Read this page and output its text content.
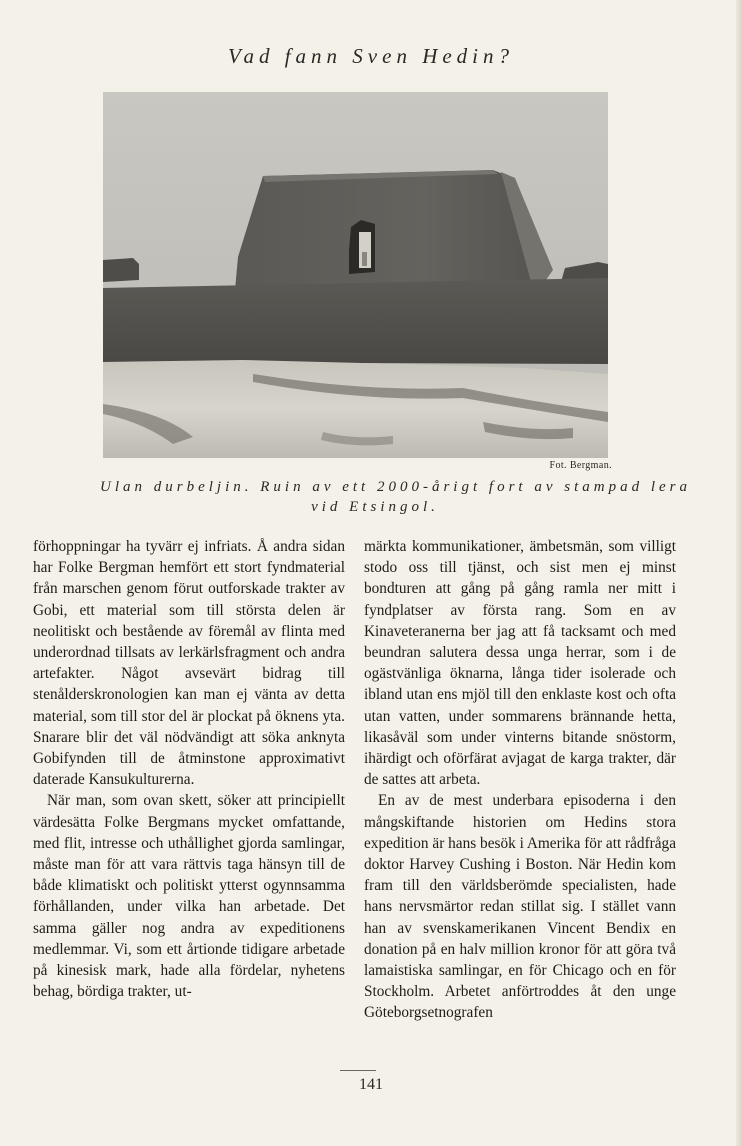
Vad fann Sven Hedin?
Fot. Bergman.
Ulan durbeljin. Ruin av ett 2000-årigt fort av stampad lera
vid Etsingol.

förhoppningar ha tyvärr ej infriats. Å andra sidan har Folke Bergman hemfört ett stort fyndmaterial från marschen genom förut outforskade trakter av Gobi, ett material som till största delen är neolitiskt och bestående av föremål av flinta med underordnad tillsats av lerkärlsfragment och andra artefakter. Något avsevärt bidrag till stenålderskronologien kan man ej vänta av detta material, som till stor del är plockat på öknens yta. Snarare blir det väl nödvändigt att söka anknyta Gobifynden till de åtminstone approximativt daterade Kansukulturerna.

När man, som ovan skett, söker att principiellt värdesätta Folke Bergmans mycket omfattande, med flit, intresse och uthållighet gjorda samlingar, måste man för att vara rättvis taga hänsyn till de både klimatiskt och politiskt ytterst ogynnsamma förhållanden, under vilka han arbetade. Det samma gäller nog andra av expeditionens medlemmar. Vi, som ett årtionde tidigare arbetade på kinesisk mark, hade alla fördelar, nyhetens behag, bördiga trakter, ut-

märkta kommunikationer, ämbetsmän, som villigt stodo oss till tjänst, och sist men ej minst bondturen att gång på gång ramla ner mitt i fyndplatser av första rang. Som en av Kinaveteranerna ber jag att få tacksamt och med beundran salutera dessa unga herrar, som i de ogästvänliga öknarna, långa tider isolerade och ibland utan ens mjöl till den enklaste kost och ofta utan vatten, under sommarens brännande hetta, likasåväl som under vinterns bitande snöstorm, ihärdigt och oförfärat avjagat de karga trakter, där de sattes att arbeta.

En av de mest underbara episoderna i den mångskiftande historien om Hedins stora expedition är hans besök i Amerika för att rådfråga doktor Harvey Cushing i Boston. När Hedin kom fram till den världsberömde specialisten, hade hans nervsmärtor redan stillat sig. I stället vann han av svenskamerikanen Vincent Bendix en donation på en halv million kronor för att göra två lamaistiska samlingar, en för Chicago och en för Stockholm. Arbetet anförtroddes åt den unge Göteborgsetnografen

141
